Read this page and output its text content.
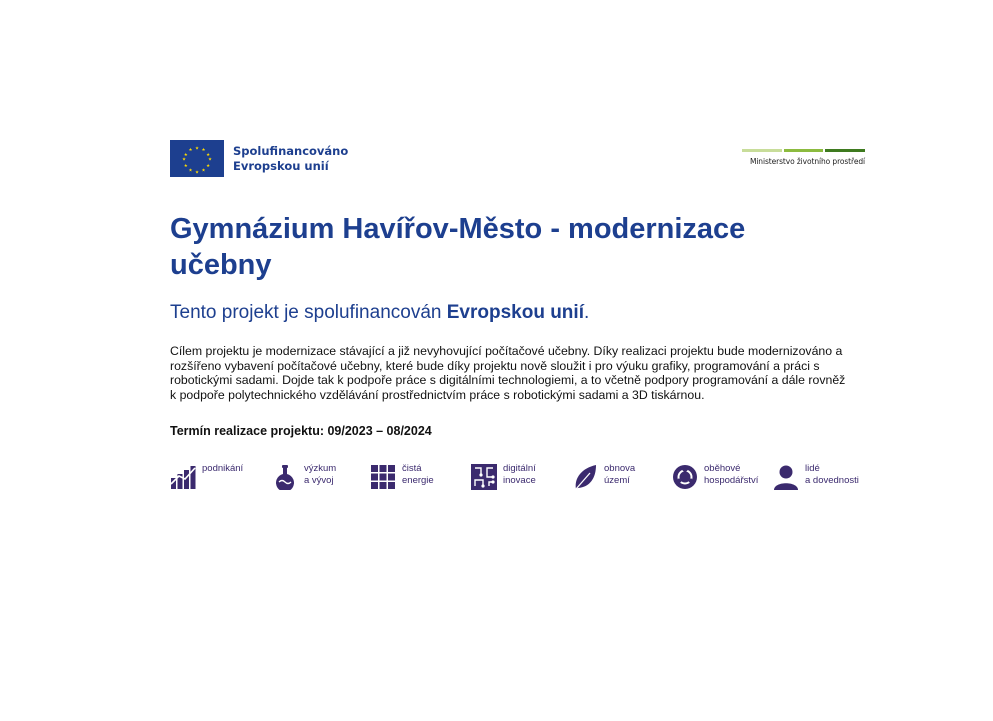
★ ★
★
★
★
★
★
★
★
★
★
★	Spolufinancováno
Evropskou unií	Ministerstvo životního prostředí
Gymnázium Havířov-Město - modernizace učebny

Tento projekt je spolufinancován Evropskou unií.

Cílem projektu je modernizace stávající a již nevyhovující počítačové učebny. Díky realizaci projektu bude modernizováno a rozšířeno vybavení počítačové učebny, které bude díky projektu nově sloužit i pro výuku grafiky, programování a práci s robotickými sadami. Dojde tak k podpoře práce s digitálními technologiemi, a to včetně podpory programování a dále rovněž k podpoře polytechnického vzdělávání prostřednictvím práce s robotickými sadami a 3D tiskárnou.

Termín realizace projektu: 09/2023 – 08/2024

podnikání	výzkum
a vývoj
čistá
energie
digitální
inovace
obnova
území
oběhové
hospodářství
lidé
a dovednosti
